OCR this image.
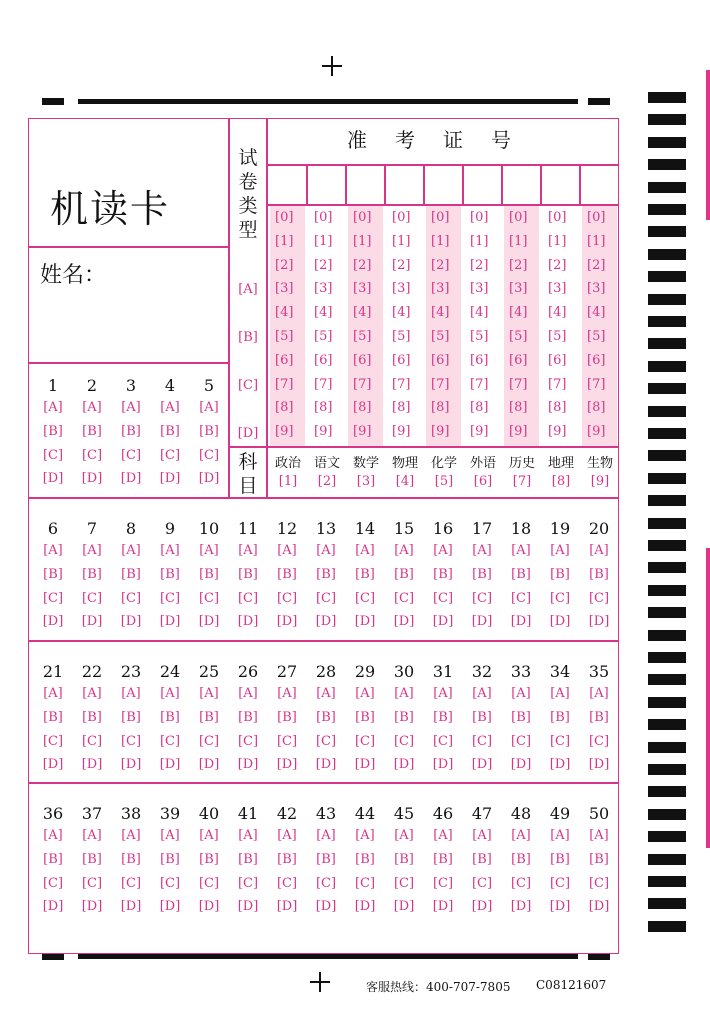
机读卡
姓名：
准考证号
试
卷
类
型
[A]
[B]
[C]
[D]
[0]
[1]
[2]
[3]
[4]
[5]
[6]
[7]
[8]
[9]
[0]
[1]
[2]
[3]
[4]
[5]
[6]
[7]
[8]
[9]
[0]
[1]
[2]
[3]
[4]
[5]
[6]
[7]
[8]
[9]
[0]
[1]
[2]
[3]
[4]
[5]
[6]
[7]
[8]
[9]
[0]
[1]
[2]
[3]
[4]
[5]
[6]
[7]
[8]
[9]
[0]
[1]
[2]
[3]
[4]
[5]
[6]
[7]
[8]
[9]
[0]
[1]
[2]
[3]
[4]
[5]
[6]
[7]
[8]
[9]
[0]
[1]
[2]
[3]
[4]
[5]
[6]
[7]
[8]
[9]
[0]
[1]
[2]
[3]
[4]
[5]
[6]
[7]
[8]
[9]
科
目
政治
[1]
语文
[2]
数学
[3]
物理
[4]
化学
[5]
外语
[6]
历史
[7]
地理
[8]
生物
[9]
1
[A]
[B]
[C]
[D]
2
[A]
[B]
[C]
[D]
3
[A]
[B]
[C]
[D]
4
[A]
[B]
[C]
[D]
5
[A]
[B]
[C]
[D]
6
[A]
[B]
[C]
[D]
7
[A]
[B]
[C]
[D]
8
[A]
[B]
[C]
[D]
9
[A]
[B]
[C]
[D]
10
[A]
[B]
[C]
[D]
11
[A]
[B]
[C]
[D]
12
[A]
[B]
[C]
[D]
13
[A]
[B]
[C]
[D]
14
[A]
[B]
[C]
[D]
15
[A]
[B]
[C]
[D]
16
[A]
[B]
[C]
[D]
17
[A]
[B]
[C]
[D]
18
[A]
[B]
[C]
[D]
19
[A]
[B]
[C]
[D]
20
[A]
[B]
[C]
[D]
21
[A]
[B]
[C]
[D]
22
[A]
[B]
[C]
[D]
23
[A]
[B]
[C]
[D]
24
[A]
[B]
[C]
[D]
25
[A]
[B]
[C]
[D]
26
[A]
[B]
[C]
[D]
27
[A]
[B]
[C]
[D]
28
[A]
[B]
[C]
[D]
29
[A]
[B]
[C]
[D]
30
[A]
[B]
[C]
[D]
31
[A]
[B]
[C]
[D]
32
[A]
[B]
[C]
[D]
33
[A]
[B]
[C]
[D]
34
[A]
[B]
[C]
[D]
35
[A]
[B]
[C]
[D]
36
[A]
[B]
[C]
[D]
37
[A]
[B]
[C]
[D]
38
[A]
[B]
[C]
[D]
39
[A]
[B]
[C]
[D]
40
[A]
[B]
[C]
[D]
41
[A]
[B]
[C]
[D]
42
[A]
[B]
[C]
[D]
43
[A]
[B]
[C]
[D]
44
[A]
[B]
[C]
[D]
45
[A]
[B]
[C]
[D]
46
[A]
[B]
[C]
[D]
47
[A]
[B]
[C]
[D]
48
[A]
[B]
[C]
[D]
49
[A]
[B]
[C]
[D]
50
[A]
[B]
[C]
[D]
客服热线：400-707-7805 C08121607
